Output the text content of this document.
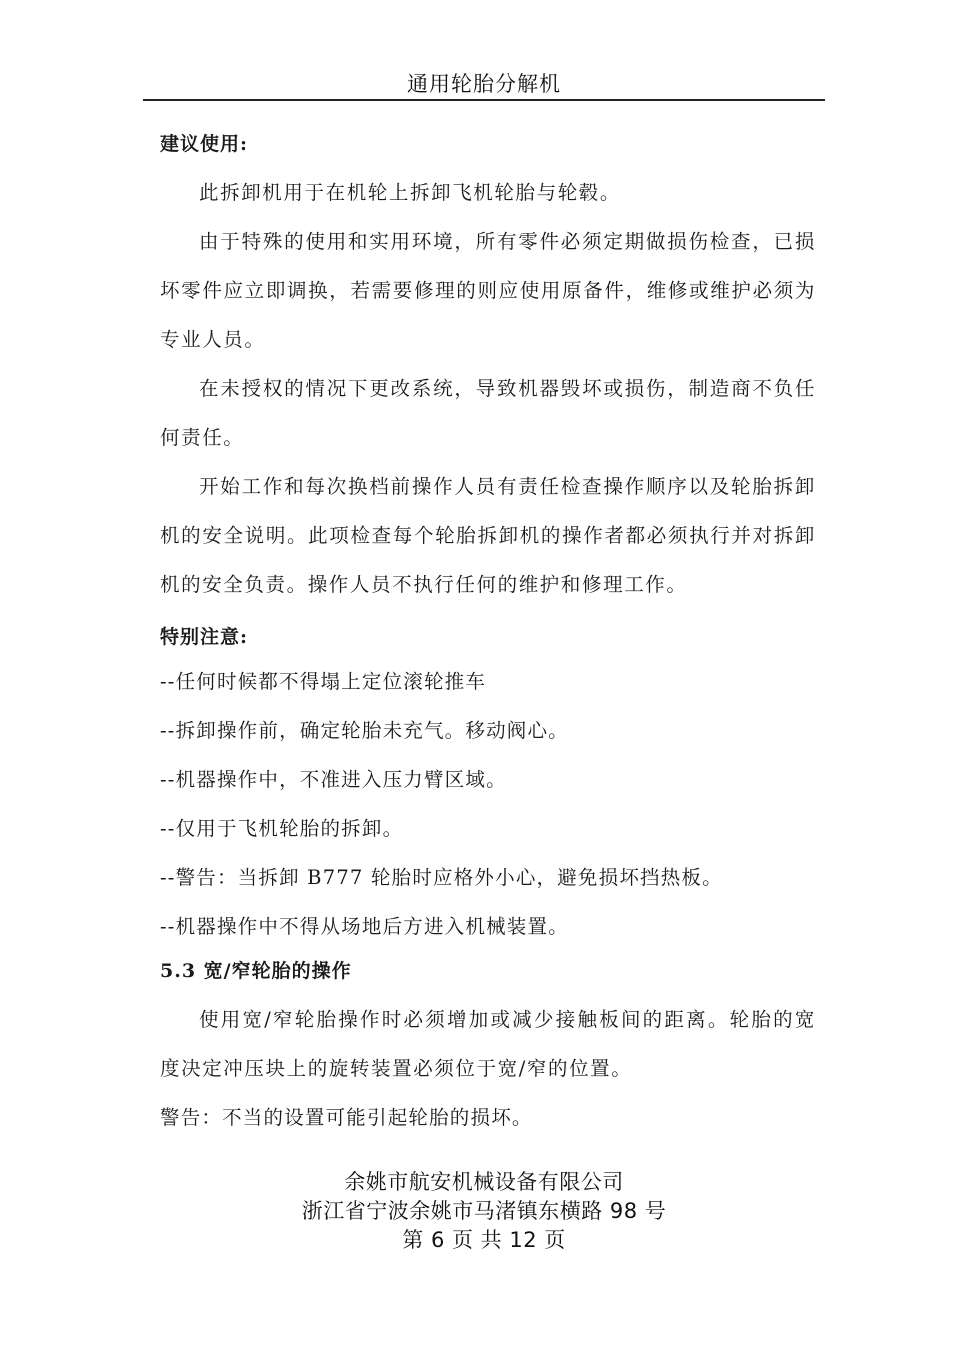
通用轮胎分解机

建议使用:

此拆卸机用于在机轮上拆卸飞机轮胎与轮毂。

由于特殊的使用和实用环境，所有零件必须定期做损伤检查，已损坏零件应立即调换，若需要修理的则应使用原备件，维修或维护必须为专业人员。

在未授权的情况下更改系统，导致机器毁坏或损伤，制造商不负任何责任。

开始工作和每次换档前操作人员有责任检查操作顺序以及轮胎拆卸机的安全说明。此项检查每个轮胎拆卸机的操作者都必须执行并对拆卸机的安全负责。操作人员不执行任何的维护和修理工作。

特别注意:

--任何时候都不得塌上定位滚轮推车
--拆卸操作前，确定轮胎未充气。移动阀心。
--机器操作中，不准进入压力臂区域。
--仅用于飞机轮胎的拆卸。
--警告：当拆卸 B777 轮胎时应格外小心，避免损坏挡热板。
--机器操作中不得从场地后方进入机械装置。

5.3 宽/窄轮胎的操作

使用宽/窄轮胎操作时必须增加或减少接触板间的距离。轮胎的宽度决定冲压块上的旋转装置必须位于宽/窄的位置。

警告：不当的设置可能引起轮胎的损坏。

余姚市航安机械设备有限公司
浙江省宁波余姚市马渚镇东横路 98 号
第 6 页 共 12 页
